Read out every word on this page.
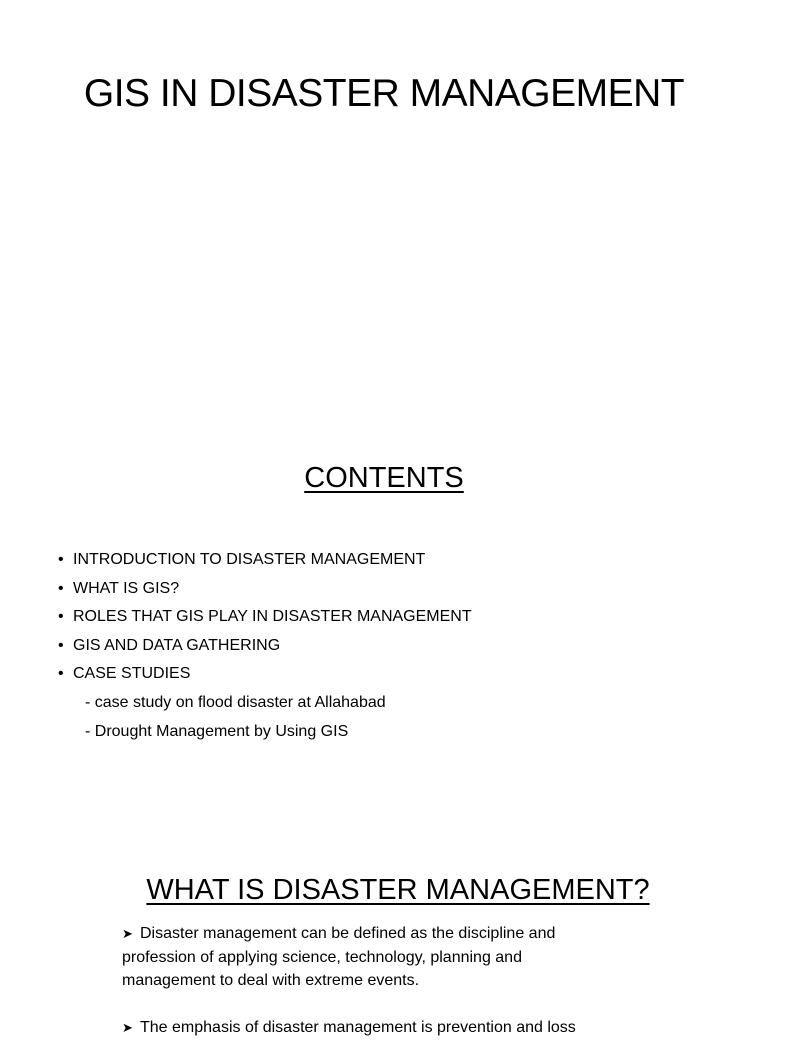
GIS IN DISASTER MANAGEMENT
CONTENTS
• INTRODUCTION TO DISASTER MANAGEMENT
• WHAT IS GIS?
• ROLES THAT GIS PLAY IN DISASTER MANAGEMENT
• GIS AND DATA GATHERING
• CASE STUDIES
- case study on flood disaster at Allahabad
- Drought Management by Using GIS
WHAT IS DISASTER MANAGEMENT?

➤ Disaster management can be defined as the discipline and profession of applying science, technology, planning and management to deal with extreme events.

➤ The emphasis of disaster management is prevention and loss
